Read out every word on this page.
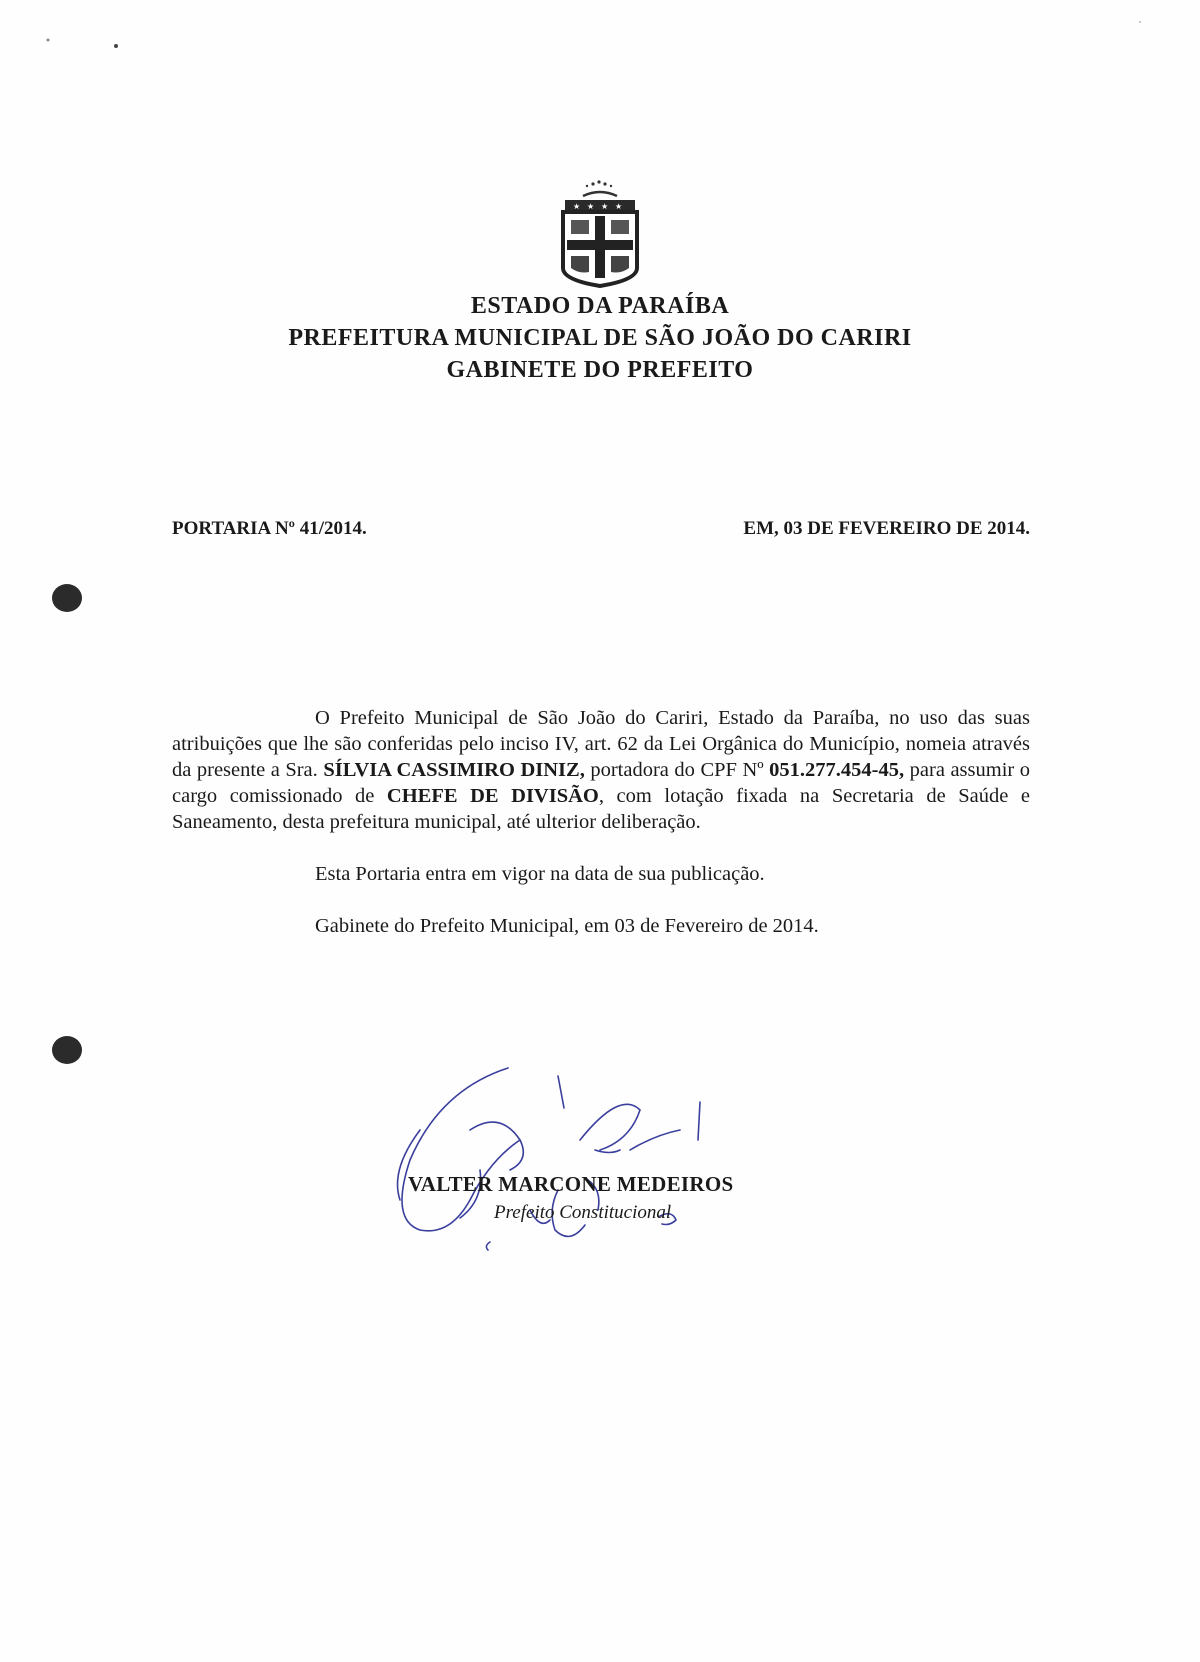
★ ★ ★ ★
ESTADO DA PARAÍBA
PREFEITURA MUNICIPAL DE SÃO JOÃO DO CARIRI
GABINETE DO PREFEITO
PORTARIA Nº 41/2014.	EM, 03 DE FEVEREIRO DE 2014.

O Prefeito Municipal de São João do Cariri, Estado da Paraíba, no uso das suas atribuições que lhe são conferidas pelo inciso IV, art. 62 da Lei Orgânica do Município, nomeia através da presente a Sra. SÍLVIA CASSIMIRO DINIZ, portadora do CPF Nº 051.277.454-45, para assumir o cargo comissionado de CHEFE DE DIVISÃO, com lotação fixada na Secretaria de Saúde e Saneamento, desta prefeitura municipal, até ulterior deliberação.

Esta Portaria entra em vigor na data de sua publicação.

Gabinete do Prefeito Municipal, em 03 de Fevereiro de 2014.

VALTER MARCONE MEDEIROS
Prefeito Constitucional
